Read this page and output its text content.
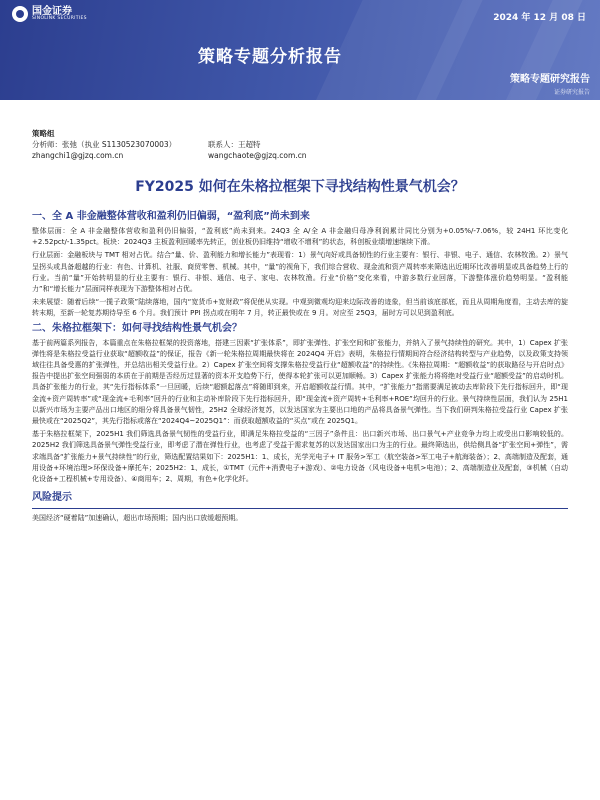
国金证券
SINOLINK SECURITIES	2024 年 12 月 08 日
策略专题分析报告
策略专题研究报告
证券研究报告
策略组
分析师：张弛（执业 S1130523070003）	联系人：王超特
zhangchi1@gjzq.com.cn	wangchaote@gjzq.com.cn
FY2025 如何在朱格拉框架下寻找结构性景气机会？
一、全 A 非金融整体营收和盈利仍旧偏弱，“盈利底”尚未到来

整体层面：全 A 非金融整体营收和盈利仍旧偏弱，“盈利底”尚未到来。24Q3 全 A/全 A 非金融归母净利润累计同比分别为+0.05%/-7.06%，较 24H1 环比变化+2.52pct/-1.35pct。板块：2024Q3 主板盈利回暖率先转正，创业板仍旧维持“增收不增利”的状态，科创板业绩增速继续下滑。

行业层面：金融板块与 TMT 相对占优。结合“量、价、盈利能力和增长能力”表现看：1）景气向好或具备韧性的行业主要有：银行、非银、电子、通信、农林牧渔。2）景气呈拐头或具备超越的行业：有色、计算机、社服、商贸零售、机械。其中，“量”的视角下，我们综合营收、现金流和资产周转率来筛选出近期环比改善明显或具备趋势上行的行业。当前“量”开始转明显的行业主要有：银行、非银、通信、电子、家电、农林牧渔。行业“价格”变化来看，中游多数行业回落，下游整体涨价趋势明显。“盈利能力”和“增长能力”层面同样表现为下游整体相对占优。

未来展望：随着后续“一揽子政策”陆续落地，国内“宽货币+宽财政”将促使从实现。中观到微观均迎来边际改善的迹象，但当前该底部底，而且从周期角度看，主动去库的旋转末期，至新一轮复苏期待导至 6 个月。我们预计 PPI 拐点或在明年 7 月，转正最快或在 9 月。对应至 25Q3，届时方可以见到盈利底。

二、朱格拉框架下：如何寻找结构性景气机会？

基于前两篇系列报告，本篇重点在朱格拉框架的投资落地，搭建三因素“扩张体系”，即扩张弹性、扩张空间和扩张能力，并纳入了景气持续性的研究。其中，1）Capex 扩张弹性将是朱格拉受益行业获取“超额收益”的保证，报告《新一轮朱格拉周期最快将在 2024Q4 开启》表明，朱格拉行情期间符合经济结构转型与产业趋势，以及政策支持领域往往具备受惠的扩张弹性，并总结出相关受益行业。2）Capex 扩张空间将支撑朱格拉受益行业“超额收益”的持续性。《朱格拉周期：“超额收益”的获取路径与开启时点》报告中提出扩张空间强弱的本质在于前期是否经历过显著的资本开支趋势下行，使得本轮扩张可以更加顺畅。3）Capex 扩张能力将将绝对受益行业“超额受益”的启动时机。具备扩张能力的行业，其“先行指标体系”一旦回暖，后续“超额起落点”将随即到来，开启超额收益行情。其中，“扩张能力”指需要满足被动去库阶段下先行指标回升，即“现金流+资产周转率”或“现金流+毛利率”回升的行业和主动补库阶段下先行指标回升，即“现金流+资产周转+毛利率+ROE”均回升的行业。景气持续性层面，我们认为 25H1 以新兴市场为主要产品出口地区的细分将具备景气韧性，25H2 全球经济复苏，以发达国家为主要出口地的产品将具备景气弹性。当下我们研判朱格拉受益行业 Capex 扩张最快或在“2025Q2”，其先行指标或落在“2024Q4~2025Q1”：而获取超额收益的“买点”或在 2025Q1。

基于朱格拉框架下，2025H1 我们筛选具备景气韧性的受益行业，即满足朱格拉受益的“三因子”条件且：出口新兴市场、出口景气+产业竞争力均上或受出口影响较低的。2025H2 我们筛选具备景气弹性受益行业，即考虑了潜在弹性行业，也考虑了受益于需求复苏的以发达国家出口为主的行业。最终筛选出，供给侧具备“扩张空间+弹性”，需求端具备“扩张能力+景气持续性”的行业，筛选配置结果如下：2025H1：1、成长，光学光电子+ IT 服务>军工（航空装备>军工电子+航海装备）；2、高端制造及配套，通用设备+环境治理>环保设备+摩托车；2025H2：1、成长，①TMT（元件+消费电子+游戏）、②电力设备（风电设备+电机>电池）；2、高端制造业及配套，③机械（自动化设备+工程机械+专用设备）、④商用车；2、周期，有色+化学化纤。

风险提示

美国经济“硬着陆”加速确认，超出市场预期；国内出口放缓超预期。
